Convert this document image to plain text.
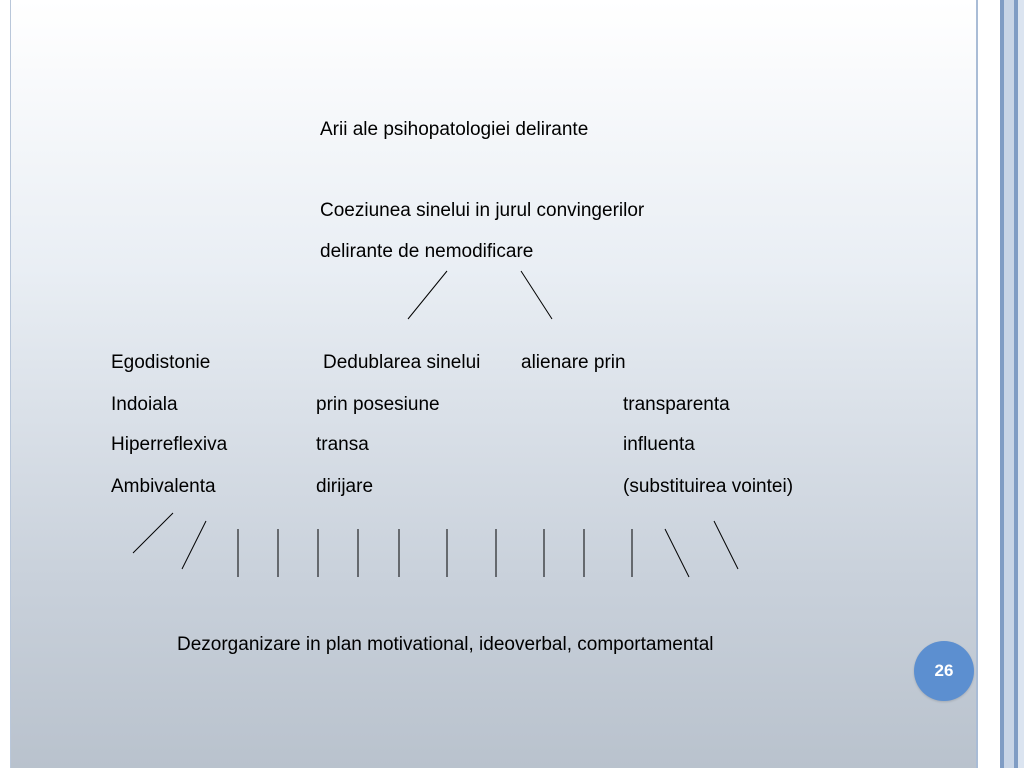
Arii ale psihopatologiei delirante
Coeziunea sinelui in jurul convingerilor
delirante de nemodificare
Egodistonie
Indoiala
Hiperreflexiva
Ambivalenta
Dedublarea sinelui
prin posesiune
transa
dirijare
alienare prin
transparenta
influenta
(substituirea vointei)
Dezorganizare in plan motivational, ideoverbal, comportamental
26
